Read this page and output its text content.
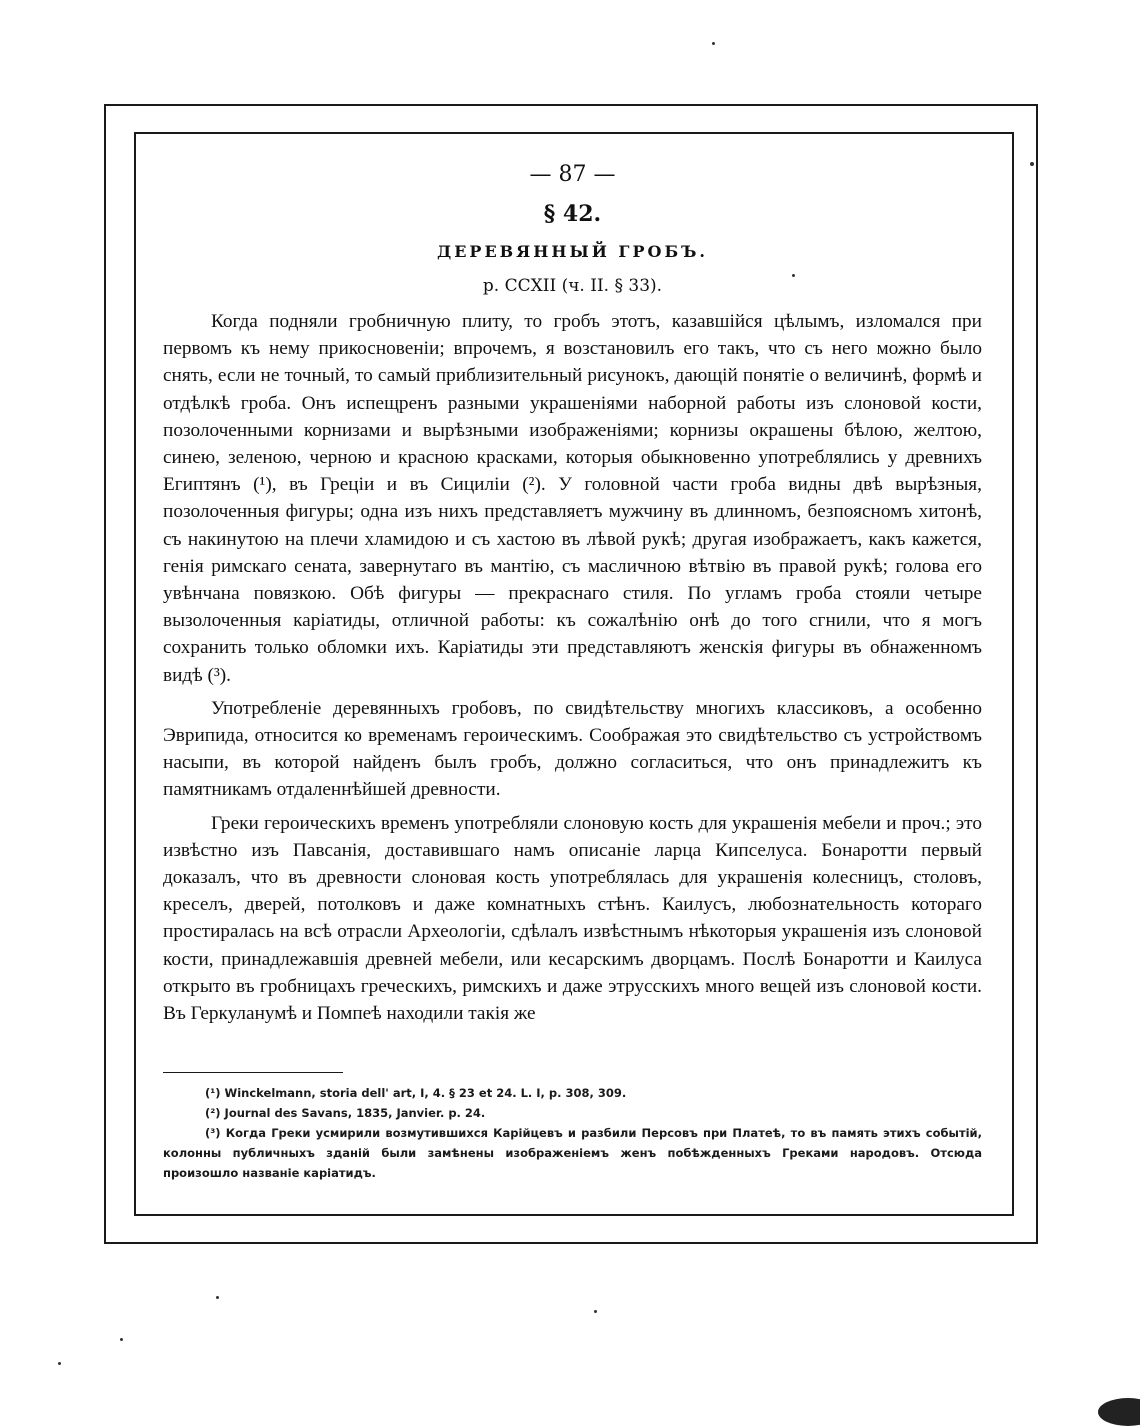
— 87 —
§ 42.
ДЕРЕВЯННЫЙ ГРОБЪ.
р. CCXII (ч. II. § 33).

Когда подняли гробничную плиту, то гробъ этотъ, казавшійся цѣлымъ, изломался при первомъ къ нему прикосновеніи; впрочемъ, я возстановилъ его такъ, что съ него можно было снять, если не точный, то самый приблизительный рисунокъ, дающій понятіе о величинѣ, формѣ и отдѣлкѣ гроба. Онъ испещренъ разными украшеніями наборной работы изъ слоновой кости, позолоченными корнизами и вырѣзными изображеніями; корнизы окрашены бѣлою, желтою, синею, зеленою, черною и красною красками, которыя обыкновенно употреблялись у древнихъ Египтянъ (¹), въ Греціи и въ Сициліи (²). У головной части гроба видны двѣ вырѣзныя, позолоченныя фигуры; одна изъ нихъ представляетъ мужчину въ длинномъ, безпоясномъ хитонѣ, съ накинутою на плечи хламидою и съ хастою въ лѣвой рукѣ; другая изображаетъ, какъ кажется, генія римскаго сената, завернутаго въ мантію, съ масличною вѣтвію въ правой рукѣ; голова его увѣнчана повязкою. Обѣ фигуры — прекраснаго стиля. По угламъ гроба стояли четыре вызолоченныя каріатиды, отличной работы: къ сожалѣнію онѣ до того сгнили, что я могъ сохранить только обломки ихъ. Каріатиды эти представляютъ женскія фигуры въ обнаженномъ видѣ (³).

Употребленіе деревянныхъ гробовъ, по свидѣтельству многихъ классиковъ, а особенно Эврипида, относится ко временамъ героическимъ. Соображая это свидѣтельство съ устройствомъ насыпи, въ которой найденъ былъ гробъ, должно согласиться, что онъ принадлежитъ къ памятникамъ отдаленнѣйшей древности.

Греки героическихъ временъ употребляли слоновую кость для украшенія мебели и проч.; это извѣстно изъ Павсанія, доставившаго намъ описаніе ларца Кипселуса. Бонаротти первый доказалъ, что въ древности слоновая кость употреблялась для украшенія колесницъ, столовъ, креселъ, дверей, потолковъ и даже комнатныхъ стѣнъ. Каилусъ, любознательность котораго простиралась на всѣ отрасли Археологіи, сдѣлалъ извѣстнымъ нѣкоторыя украшенія изъ слоновой кости, принадлежавшія древней мебели, или кесарскимъ дворцамъ. Послѣ Бонаротти и Каилуса открыто въ гробницахъ греческихъ, римскихъ и даже этрусскихъ много вещей изъ слоновой кости. Въ Геркуланумѣ и Помпеѣ находили такія же

(¹) Winckelmann, storia dell' art, I, 4. § 23 et 24. L. I, p. 308, 309.

(²) Journal des Savans, 1835, Janvier. p. 24.

(³) Когда Греки усмирили возмутившихся Карійцевъ и разбили Персовъ при Платеѣ, то въ память этихъ событій, колонны публичныхъ зданій были замѣнены изображеніемъ женъ побѣжденныхъ Греками народовъ. Отсюда произошло названіе каріатидъ.
